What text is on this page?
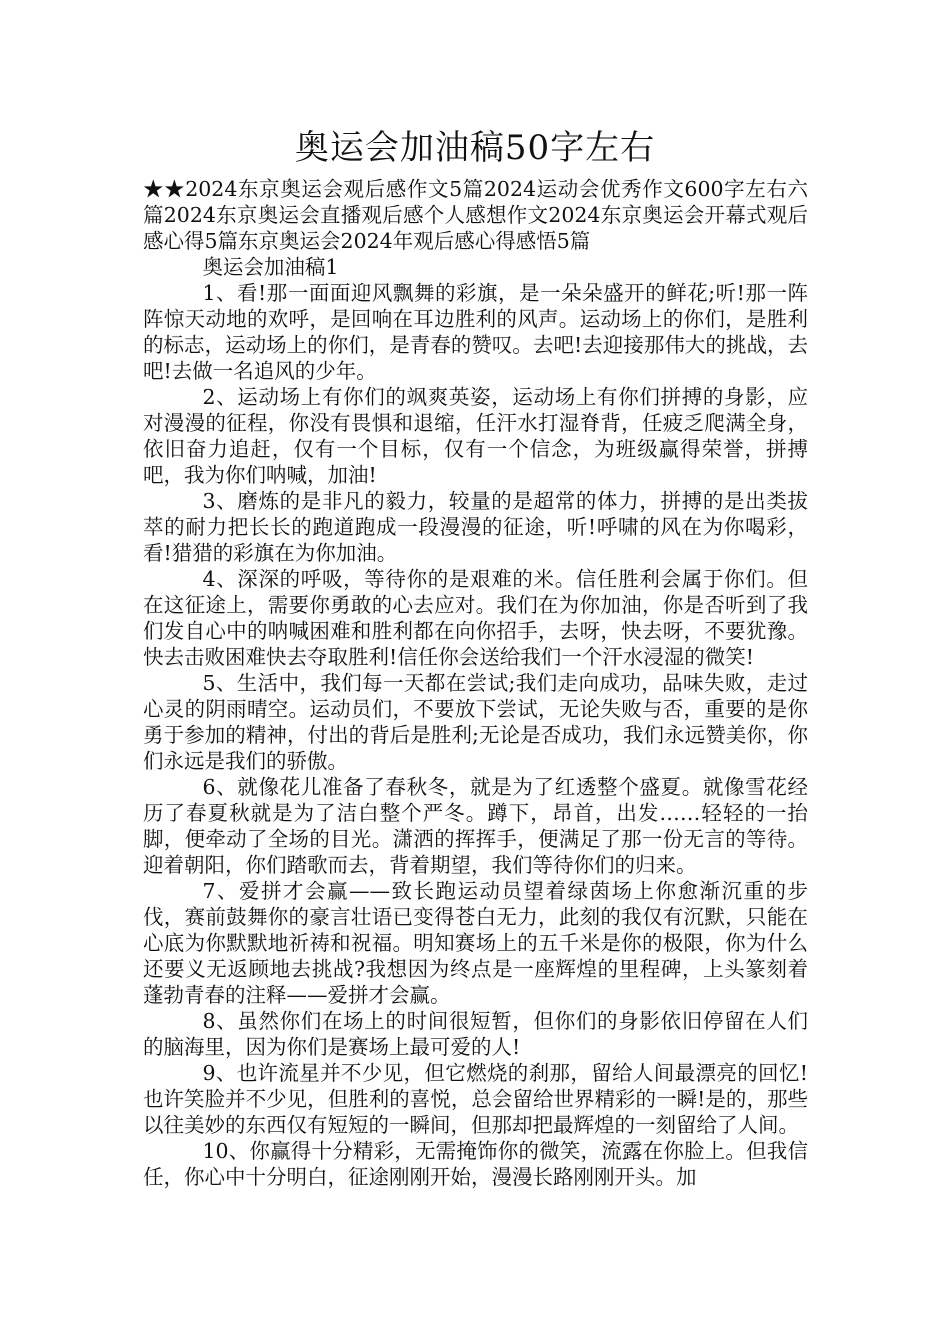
奥运会加油稿50字左右

★★2024东京奥运会观后感作文5篇2024运动会优秀作文600字左右六篇2024东京奥运会直播观后感个人感想作文2024东京奥运会开幕式观后感心得5篇东京奥运会2024年观后感心得感悟5篇

奥运会加油稿1

1、看!那一面面迎风飘舞的彩旗，是一朵朵盛开的鲜花;听!那一阵阵惊天动地的欢呼，是回响在耳边胜利的风声。运动场上的你们，是胜利的标志，运动场上的你们，是青春的赞叹。去吧!去迎接那伟大的挑战，去吧!去做一名追风的少年。

2、运动场上有你们的飒爽英姿，运动场上有你们拼搏的身影，应对漫漫的征程，你没有畏惧和退缩，任汗水打湿脊背，任疲乏爬满全身，依旧奋力追赶，仅有一个目标，仅有一个信念，为班级赢得荣誉，拼搏吧，我为你们呐喊，加油!

3、磨炼的是非凡的毅力，较量的是超常的体力，拼搏的是出类拔萃的耐力把长长的跑道跑成一段漫漫的征途，听!呼啸的风在为你喝彩，看!猎猎的彩旗在为你加油。

4、深深的呼吸，等待你的是艰难的米。信任胜利会属于你们。但在这征途上，需要你勇敢的心去应对。我们在为你加油，你是否听到了我们发自心中的呐喊困难和胜利都在向你招手，去呀，快去呀，不要犹豫。快去击败困难快去夺取胜利!信任你会送给我们一个汗水浸湿的微笑!

5、生活中，我们每一天都在尝试;我们走向成功，品味失败，走过心灵的阴雨晴空。运动员们，不要放下尝试，无论失败与否，重要的是你勇于参加的精神，付出的背后是胜利;无论是否成功，我们永远赞美你，你们永远是我们的骄傲。

6、就像花儿准备了春秋冬，就是为了红透整个盛夏。就像雪花经历了春夏秋就是为了洁白整个严冬。蹲下，昂首，出发……轻轻的一抬脚，便牵动了全场的目光。潇洒的挥挥手，便满足了那一份无言的等待。迎着朝阳，你们踏歌而去，背着期望，我们等待你们的归来。

7、爱拼才会赢——致长跑运动员望着绿茵场上你愈渐沉重的步伐，赛前鼓舞你的豪言壮语已变得苍白无力，此刻的我仅有沉默，只能在心底为你默默地祈祷和祝福。明知赛场上的五千米是你的极限，你为什么还要义无返顾地去挑战?我想因为终点是一座辉煌的里程碑，上头篆刻着蓬勃青春的注释——爱拼才会赢。

8、虽然你们在场上的时间很短暂，但你们的身影依旧停留在人们的脑海里，因为你们是赛场上最可爱的人!

9、也许流星并不少见，但它燃烧的刹那，留给人间最漂亮的回忆!也许笑脸并不少见，但胜利的喜悦，总会留给世界精彩的一瞬!是的，那些以往美妙的东西仅有短短的一瞬间，但那却把最辉煌的一刻留给了人间。

10、你赢得十分精彩，无需掩饰你的微笑，流露在你脸上。但我信任，你心中十分明白，征途刚刚开始，漫漫长路刚刚开头。加
